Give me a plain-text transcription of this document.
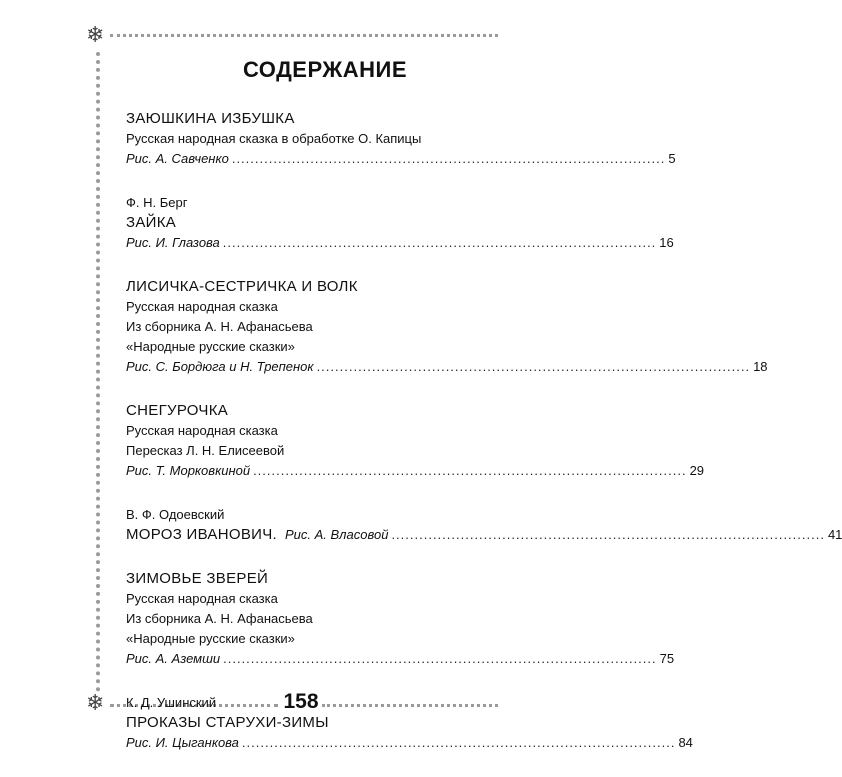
❄
❄
СОДЕРЖАНИЕ
ЗАЮШКИНА ИЗБУШКА
Русская народная сказка в обработке О. Капицы
Рис. А. Савченко .............................................................................................. 5
Ф. Н. Берг
ЗАЙКА
Рис. И. Глазова .............................................................................................. 16
ЛИСИЧКА-СЕСТРИЧКА И ВОЛК
Русская народная сказка
Из сборника А. Н. Афанасьева
«Народные русские сказки»
Рис. С. Бордюга и Н. Трепенок .............................................................................................. 18
СНЕГУРОЧКА
Русская народная сказка
Пересказ Л. Н. Елисеевой
Рис. Т. Морковкиной .............................................................................................. 29
В. Ф. Одоевский
МОРОЗ ИВАНОВИЧ. Рис. А. Власовой .............................................................................................. 41
ЗИМОВЬЕ ЗВЕРЕЙ
Русская народная сказка
Из сборника А. Н. Афанасьева
«Народные русские сказки»
Рис. А. Аземши .............................................................................................. 75
К. Д. Ушинский
ПРОКАЗЫ СТАРУХИ-ЗИМЫ
Рис. И. Цыганкова .............................................................................................. 84
158
